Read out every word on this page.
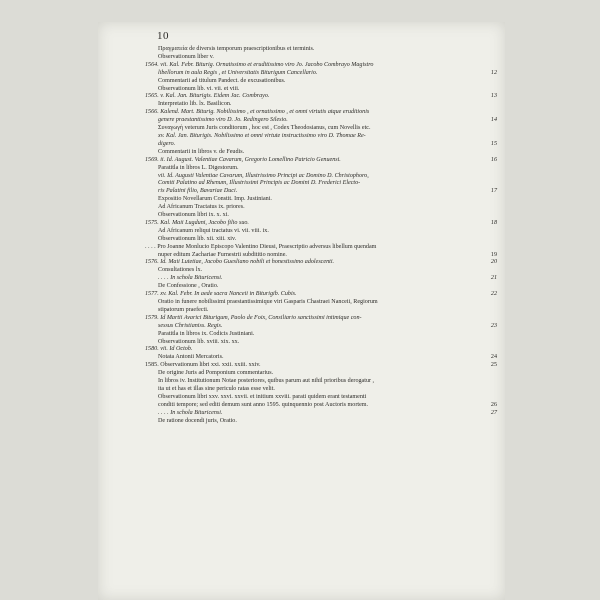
10
Πραγματεία de diversis temporum praescriptionibus et terminis.
Observationum liber v.
1564. vii. Kal. Febr. Biturig. Ornatissimo et eruditissimo viro Jo. Jacobo Combrayo Magistro
libellorum in aula Regis , et Universitatis Biturigum Cancellario.	12
Commentarii ad titulum Pandect. de excusationibus.
Observationum lib. vi. vii. et viii.
1565. v. Kal. Jan. Biturigis. Eidem Jac. Combrayo.	13
Interpretatio lib. lx. Basilicon.
1566. Kalend. Mart. Biturig. Nobilissimo , et ornatissimo , et omni virtutis atque eruditionis
genere praestantissimo viro D. Jo. Redingero Silesio.	14
Συναγωγὴ veterum Juris conditorum , hoc est , Codex Theodosianus, cum Novellis etc.
xv. Kal. Jan. Biturigis. Nobilissimo et omni virtute instructissimo viro D. Thomae Re-
digero.	15
Commentarii in libros v. de Feudis.
1569. ii. Id. August. Valentiae Cavarum, Gregorio Lomellino Patricio Genuensi.	16
Paratitla in libros L. Digestorum.
vii. Id. Augusti Valentiae Cavarum, Illustrissimo Principi ac Domino D. Christophoro,
Comiti Palatino ad Rhenum, Illustrissimi Principis ac Domini D. Frederici Electo-
ris Palatini filio, Bavariae Duci.	17
Expositio Novellarum Constit. Imp. Justiniani.
Ad Africanum Tractatus ix. priores.
Observationum libri ix. x. xi.
1575. Kal. Maii Lugduni, Jacobo filio suo.	18
Ad Africanum reliqui tractatus vi. vii. viii. ix.
Observationum lib. xii. xiii. xiv.
. . . . Pro Joanne Monlucio Episcopo Valentino Dieusi, Praescriptio adversus libellum quendam
nuper editum Zachariae Furnestrii subdititio nomine.	19
1576. Id. Maii Lutetiae, Jacobo Guesliano nobili et honestissimo adolescenti.	20
Consultationes lx.
. . . . In schola Bituricensi.	21
De Confessione , Oratio.
1577. xv. Kal. Febr. In aede sacra Nanceii in Biturigib. Cubis.	22
Oratio in funere nobilissimi praestantissimique viri Gasparis Chastraei Nanceii, Regiorum
stipatorum praefecti.
1579. Id Martii Avarici Biturigum, Paolo de Foix, Consiliario sanctissimi intimique con-
sessus Christianiss. Regis.	23
Paratitla in libros ix. Codicis Justiniani.
Observationum lib. xviii. xix. xx.
1580. vii. Id Octob.
Notata Antonii Mercatoris.	24
1585. Observationum libri xxi. xxii. xxiii. xxiv.	25
De origine Juris ad Pomponium commentarius.
In libros iv. Institutionum Notae posteriores, quibus parum aut nihil prioribus derogatur ,
ita ut et has et illas sine periculo ratas esse velit.
Observationum libri xxv. xxvi. xxvii. et initium xxviii. parati quidem erant testamenti
conditi tempore; sed editi demum sunt anno 1595. quinquennio post Auctoris mortem.	26
. . . . In schola Bituricensi.	27
De ratione docendi juris, Oratio.
